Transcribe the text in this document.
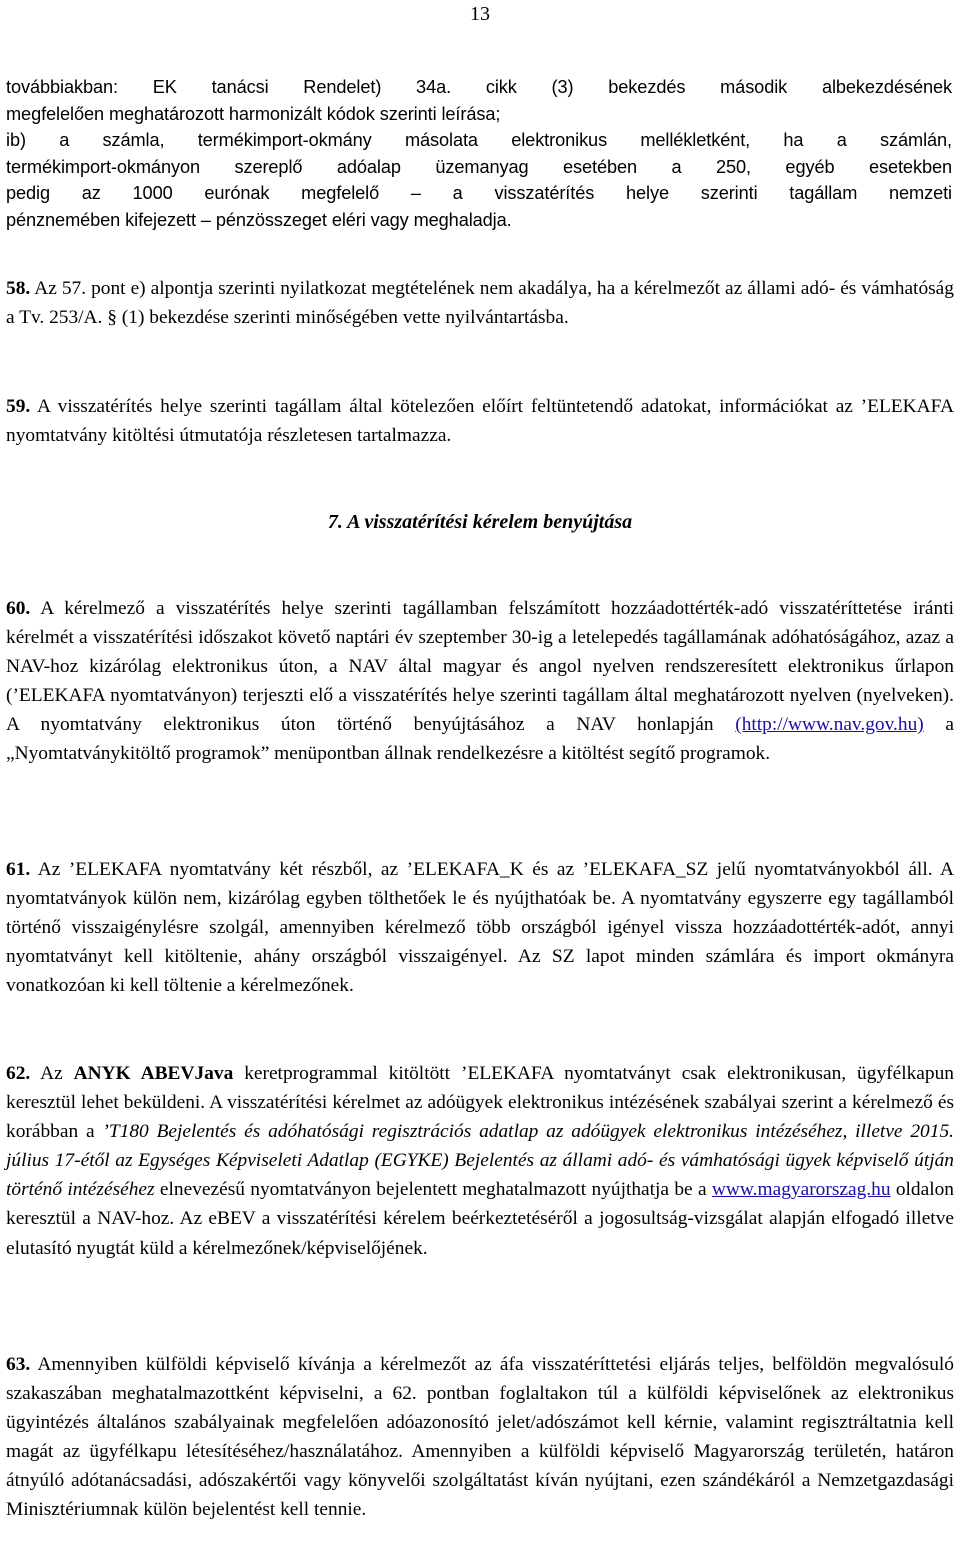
13
továbbiakban: EK tanácsi Rendelet) 34a. cikk (3) bekezdés második albekezdésének
megfelelően meghatározott harmonizált kódok szerinti leírása;
ib) a számla, termékimport-okmány másolata elektronikus mellékletként, ha a számlán,
termékimport-okmányon szereplő adóalap üzemanyag esetében a 250, egyéb esetekben
pedig az 1000 eurónak megfelelő – a visszatérítés helye szerinti tagállam nemzeti
pénznemében kifejezett – pénzösszeget eléri vagy meghaladja.
58. Az 57. pont e) alpontja szerinti nyilatkozat megtételének nem akadálya, ha a kérelmezőt az állami adó- és vámhatóság a Tv. 253/A. § (1) bekezdése szerinti minőségében vette nyilvántartásba.
59. A visszatérítés helye szerinti tagállam által kötelezően előírt feltüntetendő adatokat, információkat az ’ELEKAFA nyomtatvány kitöltési útmutatója részletesen tartalmazza.
7. A visszatérítési kérelem benyújtása
60. A kérelmező a visszatérítés helye szerinti tagállamban felszámított hozzáadottérték-adó visszatéríttetése iránti kérelmét a visszatérítési időszakot követő naptári év szeptember 30-ig a letelepedés tagállamának adóhatóságához, azaz a NAV-hoz kizárólag elektronikus úton, a NAV által magyar és angol nyelven rendszeresített elektronikus űrlapon (’ELEKAFA nyomtatványon) terjeszti elő a visszatérítés helye szerinti tagállam által meghatározott nyelven (nyelveken). A nyomtatvány elektronikus úton történő benyújtásához a NAV honlapján (http://www.nav.gov.hu) a „Nyomtatványkitöltő programok” menüpontban állnak rendelkezésre a kitöltést segítő programok.
61. Az ’ELEKAFA nyomtatvány két részből, az ’ELEKAFA_K és az ’ELEKAFA_SZ jelű nyomtatványokból áll. A nyomtatványok külön nem, kizárólag egyben tölthetőek le és nyújthatóak be. A nyomtatvány egyszerre egy tagállamból történő visszaigénylésre szolgál, amennyiben kérelmező több országból igényel vissza hozzáadottérték-adót, annyi nyomtatványt kell kitöltenie, ahány országból visszaigényel. Az SZ lapot minden számlára és import okmányra vonatkozóan ki kell töltenie a kérelmezőnek.
62. Az ANYK ABEVJava keretprogrammal kitöltött ’ELEKAFA nyomtatványt csak elektronikusan, ügyfélkapun keresztül lehet beküldeni. A visszatérítési kérelmet az adóügyek elektronikus intézésének szabályai szerint a kérelmező és korábban a ’T180 Bejelentés és adóhatósági regisztrációs adatlap az adóügyek elektronikus intézéséhez, illetve 2015. július 17-étől az Egységes Képviseleti Adatlap (EGYKE) Bejelentés az állami adó- és vámhatósági ügyek képviselő útján történő intézéséhez elnevezésű nyomtatványon bejelentett meghatalmazott nyújthatja be a www.magyarorszag.hu oldalon keresztül a NAV-hoz. Az eBEV a visszatérítési kérelem beérkeztetéséről a jogosultság-vizsgálat alapján elfogadó illetve elutasító nyugtát küld a kérelmezőnek/képviselőjének.
63. Amennyiben külföldi képviselő kívánja a kérelmezőt az áfa visszatéríttetési eljárás teljes, belföldön megvalósuló szakaszában meghatalmazottként képviselni, a 62. pontban foglaltakon túl a külföldi képviselőnek az elektronikus ügyintézés általános szabályainak megfelelően adóazonosító jelet/adószámot kell kérnie, valamint regisztráltatnia kell magát az ügyfélkapu létesítéséhez/használatához. Amennyiben a külföldi képviselő Magyarország területén, határon átnyúló adótanácsadási, adószakértői vagy könyvelői szolgáltatást kíván nyújtani, ezen szándékáról a Nemzetgazdasági Minisztériumnak külön bejelentést kell tennie.
